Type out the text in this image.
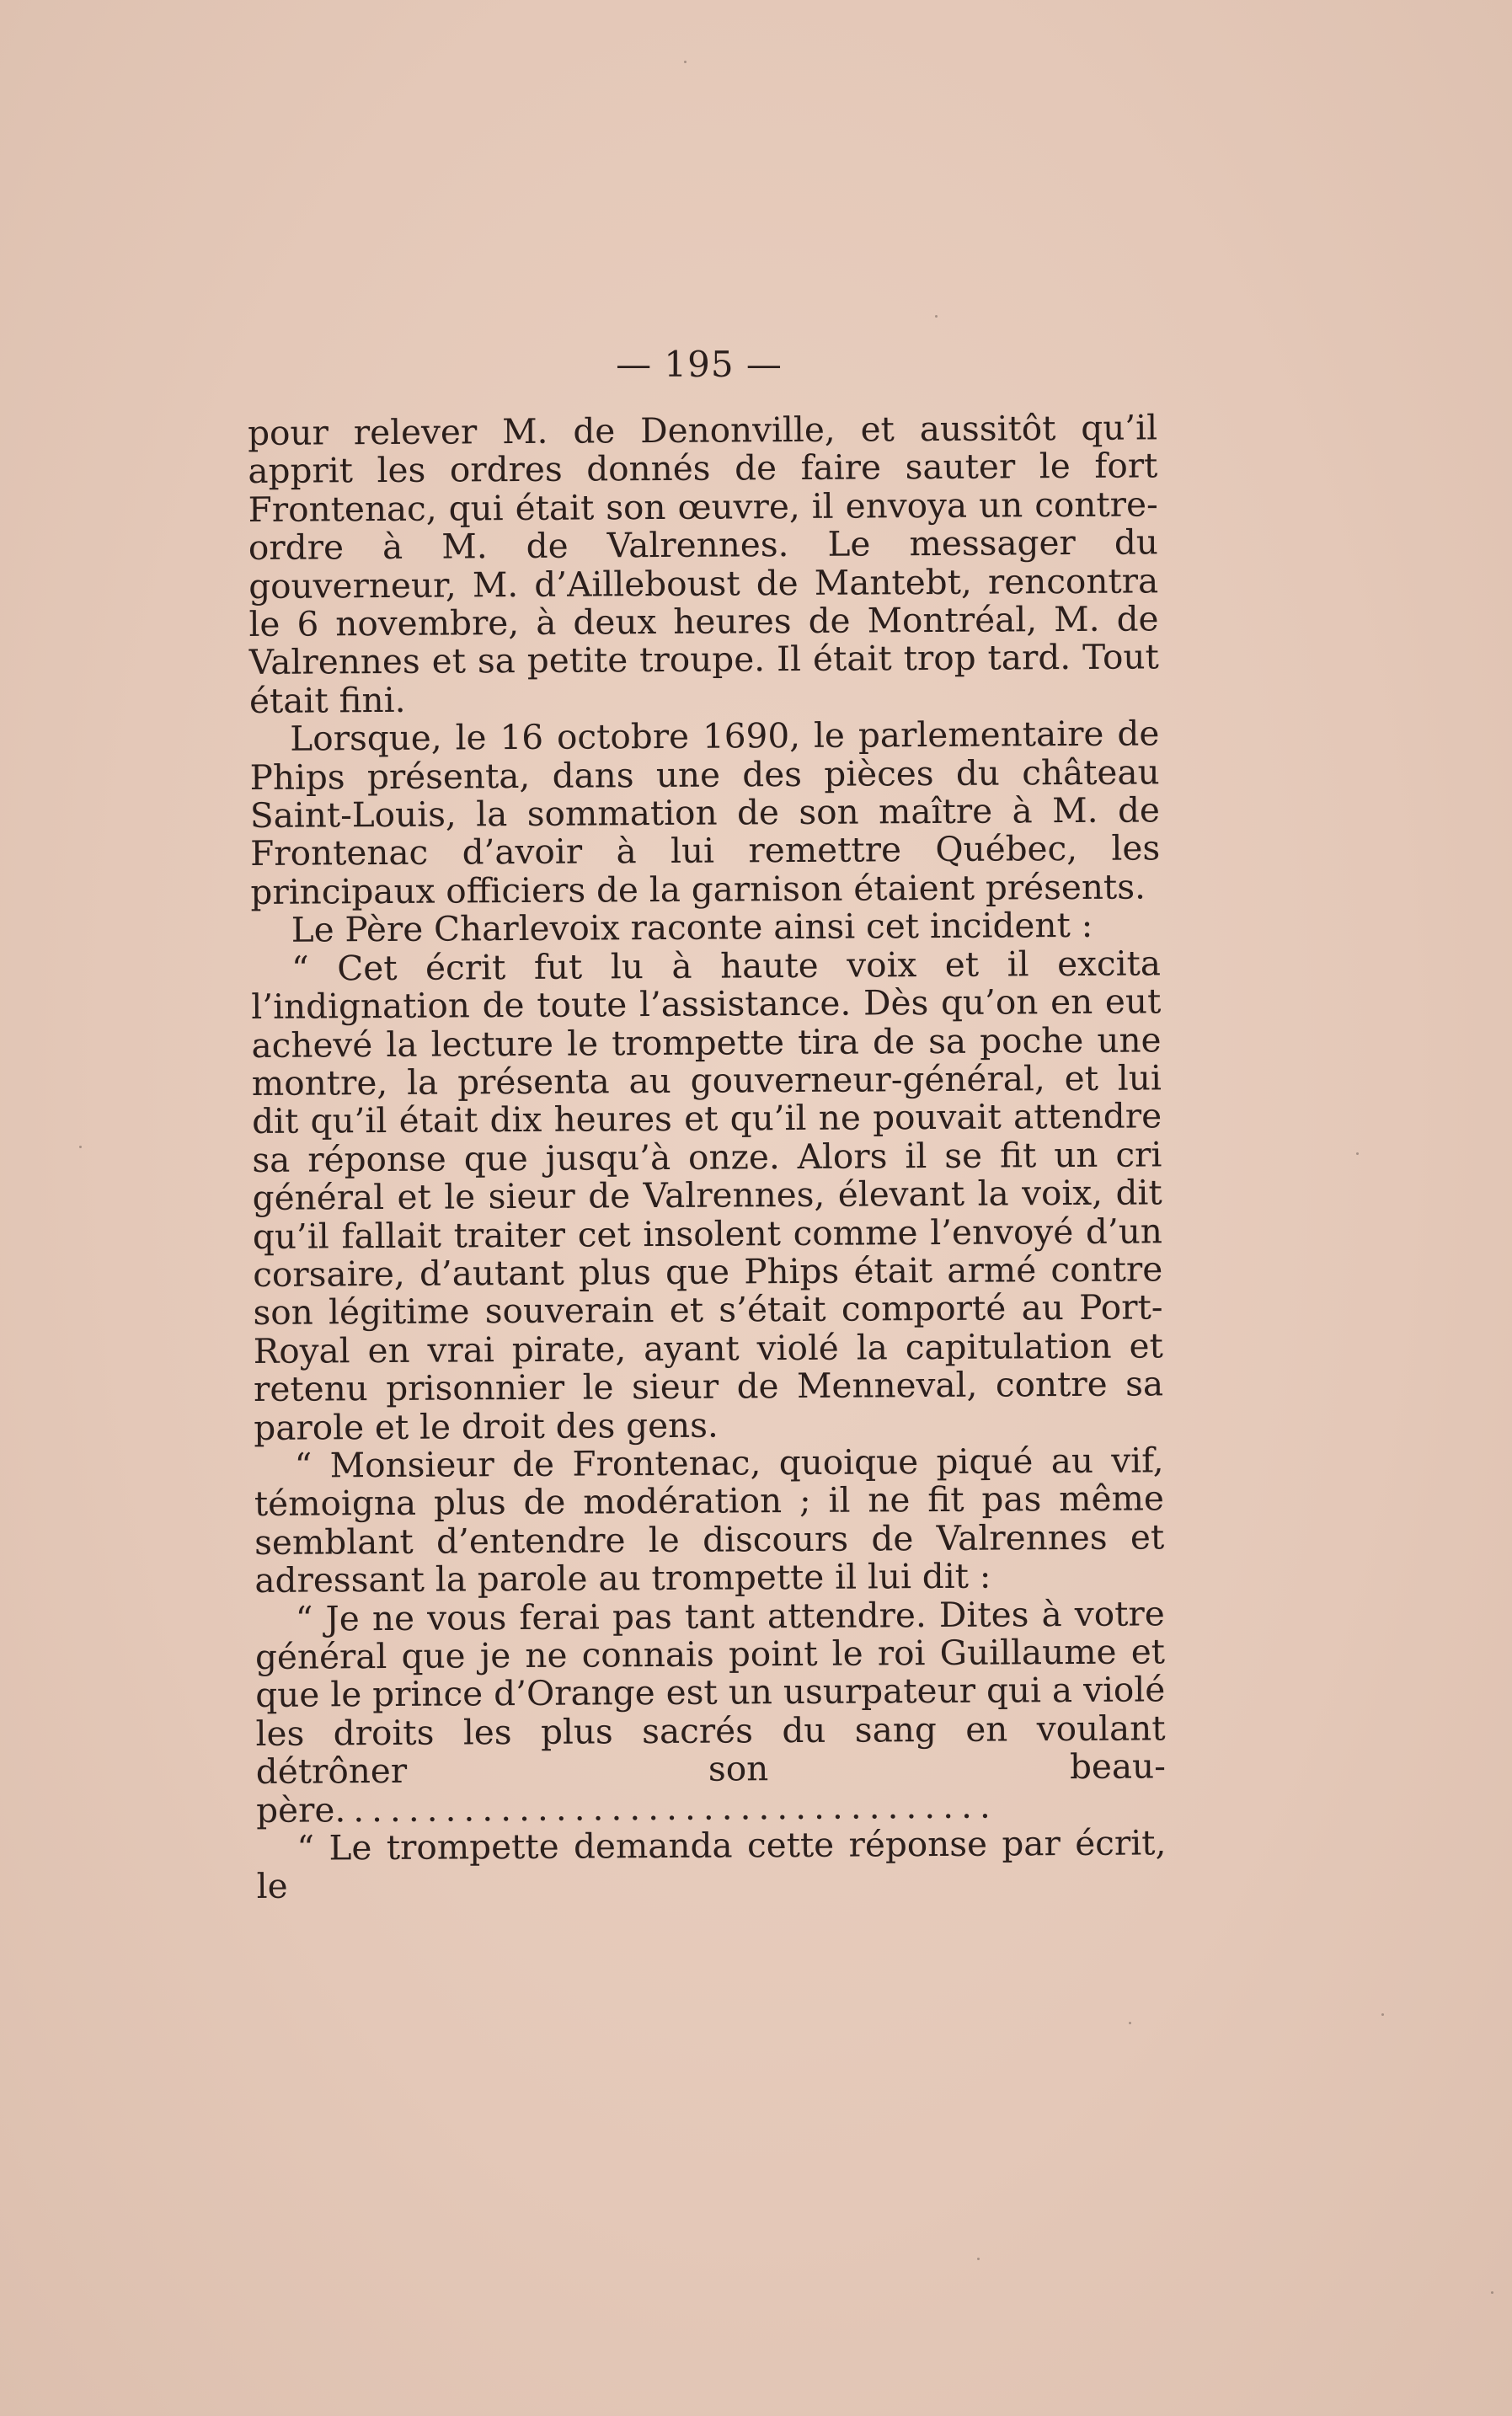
— 195 —

pour relever M. de Denonville, et aussitôt qu’il apprit les ordres donnés de faire sauter le fort Frontenac, qui était son œuvre, il envoya un contre-ordre à M. de Valrennes. Le messager du gouverneur, M. d’Ailleboust de Mantebt, rencontra le 6 novembre, à deux heures de Montréal, M. de Valrennes et sa petite troupe. Il était trop tard. Tout était fini.

Lorsque, le 16 octobre 1690, le parlementaire de Phips présenta, dans une des pièces du château Saint-Louis, la sommation de son maître à M. de Frontenac d’avoir à lui remettre Québec, les principaux officiers de la garnison étaient présents.

Le Père Charlevoix raconte ainsi cet incident :

“ Cet écrit fut lu à haute voix et il excita l’indignation de toute l’assistance. Dès qu’on en eut achevé la lecture le trompette tira de sa poche une montre, la présenta au gouverneur-général, et lui dit qu’il était dix heures et qu’il ne pouvait attendre sa réponse que jusqu’à onze. Alors il se fit un cri général et le sieur de Valrennes, élevant la voix, dit qu’il fallait traiter cet insolent comme l’envoyé d’un corsaire, d’autant plus que Phips était armé contre son légitime souverain et s’était comporté au Port-Royal en vrai pirate, ayant violé la capitulation et retenu prisonnier le sieur de Menneval, contre sa parole et le droit des gens.

“ Monsieur de Frontenac, quoique piqué au vif, témoigna plus de modération ; il ne fit pas même semblant d’entendre le discours de Valrennes et adressant la parole au trompette il lui dit :

“ Je ne vous ferai pas tant attendre. Dites à votre général que je ne connais point le roi Guillaume et que le prince d’Orange est un usurpateur qui a violé les droits les plus sacrés du sang en voulant détrôner son beau-père....................................

“ Le trompette demanda cette réponse par écrit, le
